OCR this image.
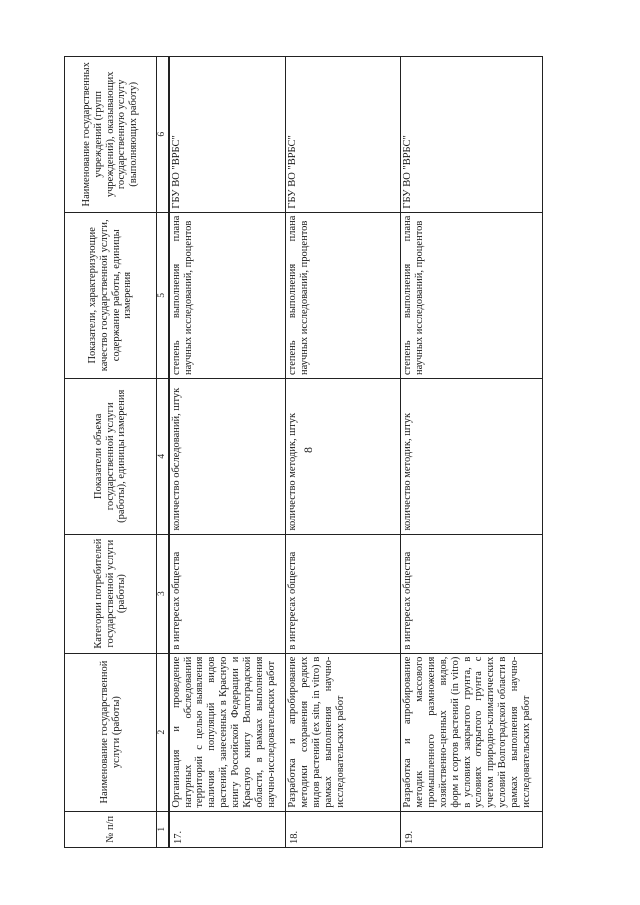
8
№ п/п	Наименование государственной услуги (работы)	Категории потребителей государственной услуги (работы)	Показатели объема государственной услуги (работы), единицы измерения	Показатели, характеризующие качество государственной услуги, содержание работы, единицы измерения	Наименование государственных учреждений (групп учреждений), оказывающих государственную услугу (выполняющих работу)
1	2	3	4	5	6
17.	Организация и проведение натурных обследований территорий с целью выявления наличия популяций видов растений, занесенных в Красную книгу Российской Федерации и Красную книгу Волгоградской области, в рамках выполнения научно-исследовательских работ	в интересах общества	количество обследований, штук	степень выполнения плана научных исследований, процентов	ГБУ ВО "ВРБС"
18.	Разработка и апробирование методики сохранения редких видов растений (ex situ, in vitro) в рамках выполнения научно-исследовательских работ	в интересах общества	количество методик, штук	степень выполнения плана научных исследований, процентов	ГБУ ВО "ВРБС"
19.	Разработка и апробирование методик массового промышленного размножения хозяйственно-ценных видов, форм и сортов растений (in vitro) в условиях закрытого грунта, в условиях открытого грунта с учетом природно-климатических условий Волгоградской области в рамках выполнения научно-исследовательских работ	в интересах общества	количество методик, штук	степень выполнения плана научных исследований, процентов	ГБУ ВО "ВРБС"
